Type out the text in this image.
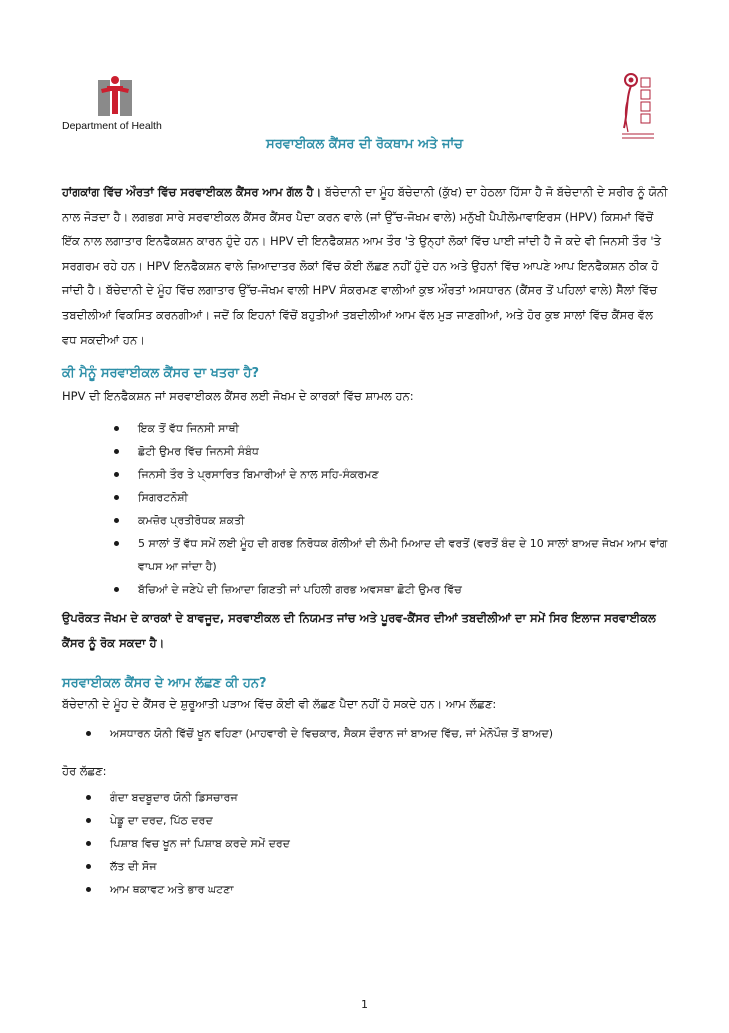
Department of Health
ਸਰਵਾਈਕਲ ਕੈਂਸਰ ਦੀ ਰੋਕਥਾਮ ਅਤੇ ਜਾਂਚ

ਹਾਂਗਕਾਂਗ ਵਿੱਚ ਔਰਤਾਂ ਵਿੱਚ ਸਰਵਾਈਕਲ ਕੈਂਸਰ ਆਮ ਗੱਲ ਹੈ। ਬੱਚੇਦਾਨੀ ਦਾ ਮੂੰਹ ਬੱਚੇਦਾਨੀ (ਕੁੱਖ) ਦਾ ਹੇਠਲਾ ਹਿੱਸਾ ਹੈ ਜੋ ਬੱਚੇਦਾਨੀ ਦੇ ਸਰੀਰ ਨੂੰ ਯੋਨੀ ਨਾਲ ਜੋੜਦਾ ਹੈ। ਲਗਭਗ ਸਾਰੇ ਸਰਵਾਈਕਲ ਕੈਂਸਰ ਕੈਂਸਰ ਪੈਦਾ ਕਰਨ ਵਾਲੇ (ਜਾਂ ਉੱਚ-ਜੋਖਮ ਵਾਲੇ) ਮਨੁੱਖੀ ਪੈਪੀਲੋਮਾਵਾਇਰਸ (HPV) ਕਿਸਮਾਂ ਵਿੱਚੋਂ ਇੱਕ ਨਾਲ ਲਗਾਤਾਰ ਇਨਫੈਕਸ਼ਨ ਕਾਰਨ ਹੁੰਦੇ ਹਨ। HPV ਦੀ ਇਨਫੈਕਸ਼ਨ ਆਮ ਤੌਰ 'ਤੇ ਉਨ੍ਹਾਂ ਲੋਕਾਂ ਵਿੱਚ ਪਾਈ ਜਾਂਦੀ ਹੈ ਜੋ ਕਦੇ ਵੀ ਜਿਨਸੀ ਤੌਰ 'ਤੇ ਸਰਗਰਮ ਰਹੇ ਹਨ। HPV ਇਨਫੈਕਸ਼ਨ ਵਾਲੇ ਜ਼ਿਆਦਾਤਰ ਲੋਕਾਂ ਵਿੱਚ ਕੋਈ ਲੱਛਣ ਨਹੀਂ ਹੁੰਦੇ ਹਨ ਅਤੇ ਉਹਨਾਂ ਵਿੱਚ ਆਪਣੇ ਆਪ ਇਨਫੈਕਸ਼ਨ ਠੀਕ ਹੋ ਜਾਂਦੀ ਹੈ। ਬੱਚੇਦਾਨੀ ਦੇ ਮੂੰਹ ਵਿੱਚ ਲਗਾਤਾਰ ਉੱਚ-ਜੋਖਮ ਵਾਲੀ HPV ਸੰਕਰਮਣ ਵਾਲੀਆਂ ਕੁਝ ਔਰਤਾਂ ਅਸਧਾਰਨ (ਕੈਂਸਰ ਤੋਂ ਪਹਿਲਾਂ ਵਾਲੇ) ਸੈੱਲਾਂ ਵਿੱਚ ਤਬਦੀਲੀਆਂ ਵਿਕਸਿਤ ਕਰਨਗੀਆਂ। ਜਦੋਂ ਕਿ ਇਹਨਾਂ ਵਿੱਚੋਂ ਬਹੁਤੀਆਂ ਤਬਦੀਲੀਆਂ ਆਮ ਵੱਲ ਮੁੜ ਜਾਣਗੀਆਂ, ਅਤੇ ਹੋਰ ਕੁਝ ਸਾਲਾਂ ਵਿੱਚ ਕੈਂਸਰ ਵੱਲ ਵਧ ਸਕਦੀਆਂ ਹਨ।

ਕੀ ਮੈਨੂੰ ਸਰਵਾਈਕਲ ਕੈਂਸਰ ਦਾ ਖਤਰਾ ਹੈ?
HPV ਦੀ ਇਨਫੈਕਸ਼ਨ ਜਾਂ ਸਰਵਾਈਕਲ ਕੈਂਸਰ ਲਈ ਜੋਖਮ ਦੇ ਕਾਰਕਾਂ ਵਿੱਚ ਸ਼ਾਮਲ ਹਨ:
ਇਕ ਤੋਂ ਵੱਧ ਜਿਨਸੀ ਸਾਥੀ
ਛੋਟੀ ਉਮਰ ਵਿੱਚ ਜਿਨਸੀ ਸੰਬੰਧ
ਜਿਨਸੀ ਤੌਰ ਤੇ ਪ੍ਰਸਾਰਿਤ ਬਿਮਾਰੀਆਂ ਦੇ ਨਾਲ ਸਹਿ-ਸੰਕਰਮਣ
ਸਿਗਰਟਨੋਸ਼ੀ
ਕਮਜ਼ੋਰ ਪ੍ਰਤੀਰੋਧਕ ਸ਼ਕਤੀ
5 ਸਾਲਾਂ ਤੋਂ ਵੱਧ ਸਮੇਂ ਲਈ ਮੂੰਹ ਦੀ ਗਰਭ ਨਿਰੋਧਕ ਗੋਲੀਆਂ ਦੀ ਲੰਮੀ ਮਿਆਦ ਦੀ ਵਰਤੋਂ (ਵਰਤੋਂ ਬੰਦ ਦੇ 10 ਸਾਲਾਂ ਬਾਅਦ ਜੋਖਮ ਆਮ ਵਾਂਗ ਵਾਪਸ ਆ ਜਾਂਦਾ ਹੈ)
ਬੱਚਿਆਂ ਦੇ ਜਣੇਪੇ ਦੀ ਜ਼ਿਆਦਾ ਗਿਣਤੀ ਜਾਂ ਪਹਿਲੀ ਗਰਭ ਅਵਸਥਾ ਛੋਟੀ ਉਮਰ ਵਿੱਚ

ਉਪਰੋਕਤ ਜੋਖਮ ਦੇ ਕਾਰਕਾਂ ਦੇ ਬਾਵਜੂਦ, ਸਰਵਾਈਕਲ ਦੀ ਨਿਯਮਤ ਜਾਂਚ ਅਤੇ ਪੂਰਵ-ਕੈਂਸਰ ਦੀਆਂ ਤਬਦੀਲੀਆਂ ਦਾ ਸਮੇਂ ਸਿਰ ਇਲਾਜ ਸਰਵਾਈਕਲ ਕੈਂਸਰ ਨੂੰ ਰੋਕ ਸਕਦਾ ਹੈ।

ਸਰਵਾਈਕਲ ਕੈਂਸਰ ਦੇ ਆਮ ਲੱਛਣ ਕੀ ਹਨ?
ਬੱਚੇਦਾਨੀ ਦੇ ਮੂੰਹ ਦੇ ਕੈਂਸਰ ਦੇ ਸ਼ੁਰੂਆਤੀ ਪੜਾਅ ਵਿੱਚ ਕੋਈ ਵੀ ਲੱਛਣ ਪੈਦਾ ਨਹੀਂ ਹੋ ਸਕਦੇ ਹਨ। ਆਮ ਲੱਛਣ:
ਅਸਧਾਰਨ ਯੋਨੀ ਵਿੱਚੋਂ ਖੂਨ ਵਹਿਣਾ (ਮਾਹਵਾਰੀ ਦੇ ਵਿਚਕਾਰ, ਸੈਕਸ ਦੌਰਾਨ ਜਾਂ ਬਾਅਦ ਵਿੱਚ, ਜਾਂ ਮੇਨੋਪੌਜ਼ ਤੋਂ ਬਾਅਦ)
ਹੋਰ ਲੱਛਣ:
ਗੰਦਾ ਬਦਬੂਦਾਰ ਯੋਨੀ ਡਿਸਚਾਰਜ
ਪੇਡੂ ਦਾ ਦਰਦ, ਪਿੱਠ ਦਰਦ
ਪਿਸ਼ਾਬ ਵਿਚ ਖੂਨ ਜਾਂ ਪਿਸ਼ਾਬ ਕਰਦੇ ਸਮੇਂ ਦਰਦ
ਲੱਤ ਦੀ ਸੋਜ
ਆਮ ਥਕਾਵਟ ਅਤੇ ਭਾਰ ਘਟਣਾ
1
